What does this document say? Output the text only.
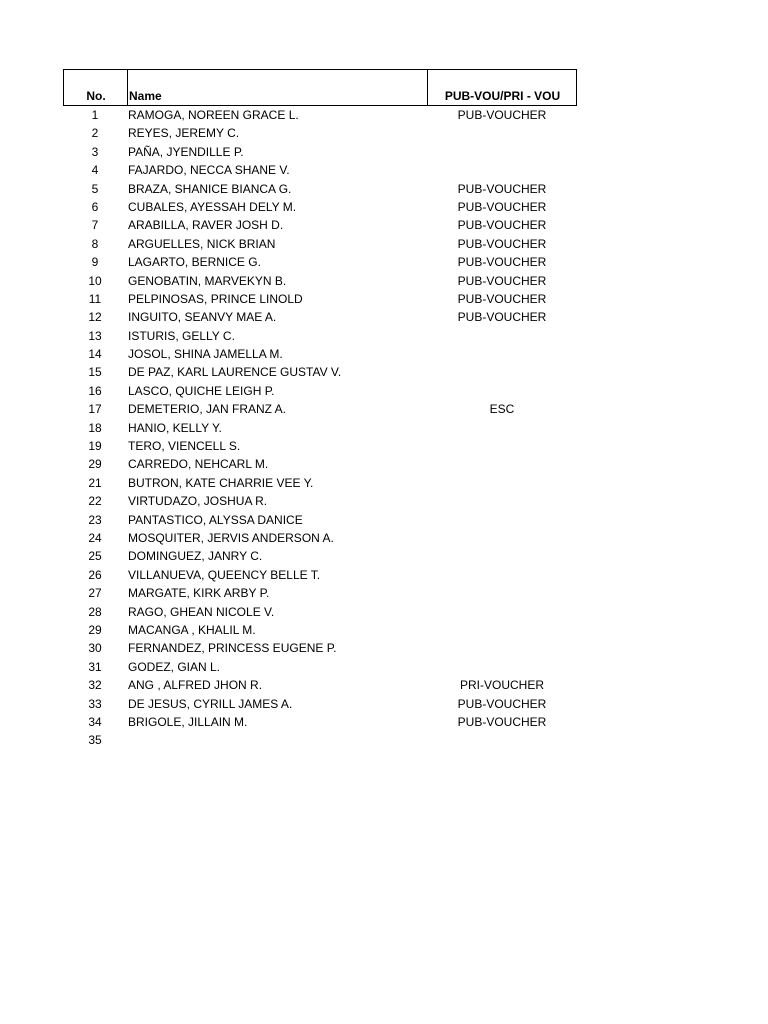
No.	Name	PUB-VOU/PRI - VOU
1	RAMOGA, NOREEN GRACE L.	PUB-VOUCHER
2	REYES, JEREMY C.
3	PAÑA, JYENDILLE P.
4	FAJARDO, NECCA SHANE V.
5	BRAZA, SHANICE BIANCA G.	PUB-VOUCHER
6	CUBALES, AYESSAH DELY M.	PUB-VOUCHER
7	ARABILLA, RAVER JOSH D.	PUB-VOUCHER
8	ARGUELLES, NICK BRIAN	PUB-VOUCHER
9	LAGARTO, BERNICE G.	PUB-VOUCHER
10	GENOBATIN, MARVEKYN B.	PUB-VOUCHER
11	PELPINOSAS, PRINCE LINOLD	PUB-VOUCHER
12	INGUITO, SEANVY MAE A.	PUB-VOUCHER
13	ISTURIS, GELLY C.
14	JOSOL, SHINA JAMELLA M.
15	DE PAZ, KARL LAURENCE GUSTAV V.
16	LASCO, QUICHE LEIGH P.
17	DEMETERIO, JAN FRANZ A.	ESC
18	HANIO, KELLY Y.
19	TERO, VIENCELL S.
29	CARREDO, NEHCARL M.
21	BUTRON, KATE CHARRIE VEE Y.
22	VIRTUDAZO, JOSHUA R.
23	PANTASTICO, ALYSSA DANICE
24	MOSQUITER, JERVIS ANDERSON A.
25	DOMINGUEZ, JANRY C.
26	VILLANUEVA, QUEENCY BELLE T.
27	MARGATE, KIRK ARBY P.
28	RAGO, GHEAN NICOLE V.
29	MACANGA , KHALIL M.
30	FERNANDEZ, PRINCESS EUGENE P.
31	GODEZ, GIAN L.
32	ANG , ALFRED JHON R.	PRI-VOUCHER
33	DE JESUS, CYRILL JAMES A.	PUB-VOUCHER
34	BRIGOLE, JILLAIN M.	PUB-VOUCHER
35
